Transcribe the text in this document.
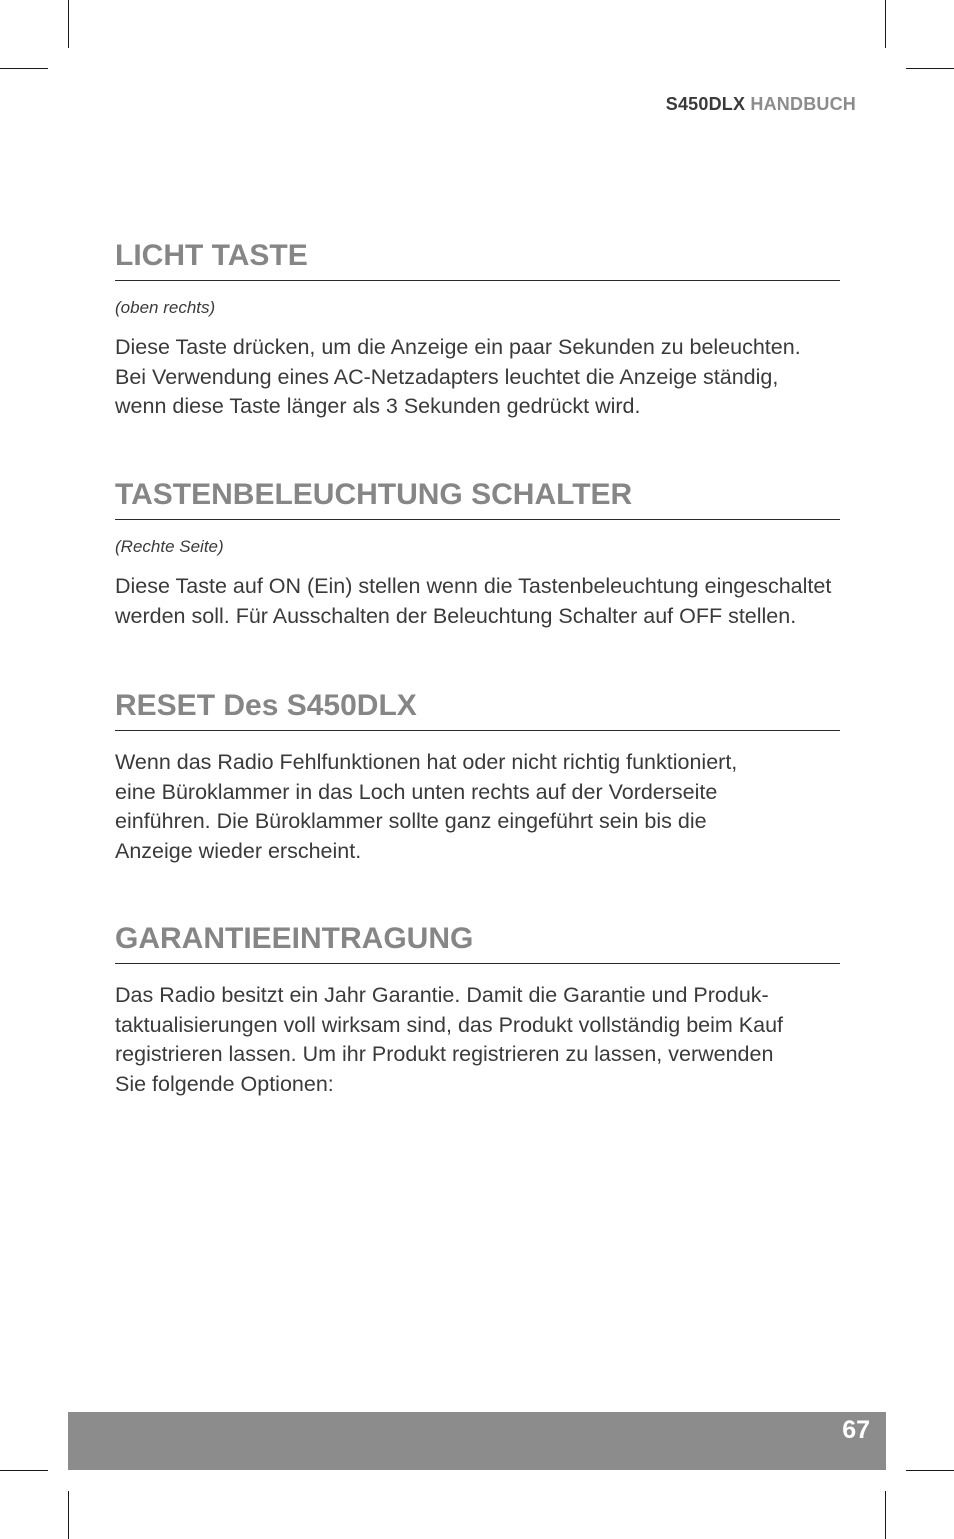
S450DLX HANDBUCH
LICHT TASTE

(oben rechts)

Diese Taste drücken, um die Anzeige ein paar Sekunden zu beleuchten.
Bei Verwendung eines AC-Netzadapters leuchtet die Anzeige ständig,
wenn diese Taste länger als 3 Sekunden gedrückt wird.

TASTENBELEUCHTUNG SCHALTER

(Rechte Seite)

Diese Taste auf ON (Ein) stellen wenn die Tastenbeleuchtung eingeschaltet
werden soll. Für Ausschalten der Beleuchtung Schalter auf OFF stellen.

RESET Des S450DLX

Wenn das Radio Fehlfunktionen hat oder nicht richtig funktioniert,
eine Büroklammer in das Loch unten rechts auf der Vorderseite
einführen. Die Büroklammer sollte ganz eingeführt sein bis die
Anzeige wieder erscheint.

GARANTIEEINTRAGUNG

Das Radio besitzt ein Jahr Garantie. Damit die Garantie und Produk-
taktualisierungen voll wirksam sind, das Produkt vollständig beim Kauf
registrieren lassen. Um ihr Produkt registrieren zu lassen, verwenden
Sie folgende Optionen:

67
